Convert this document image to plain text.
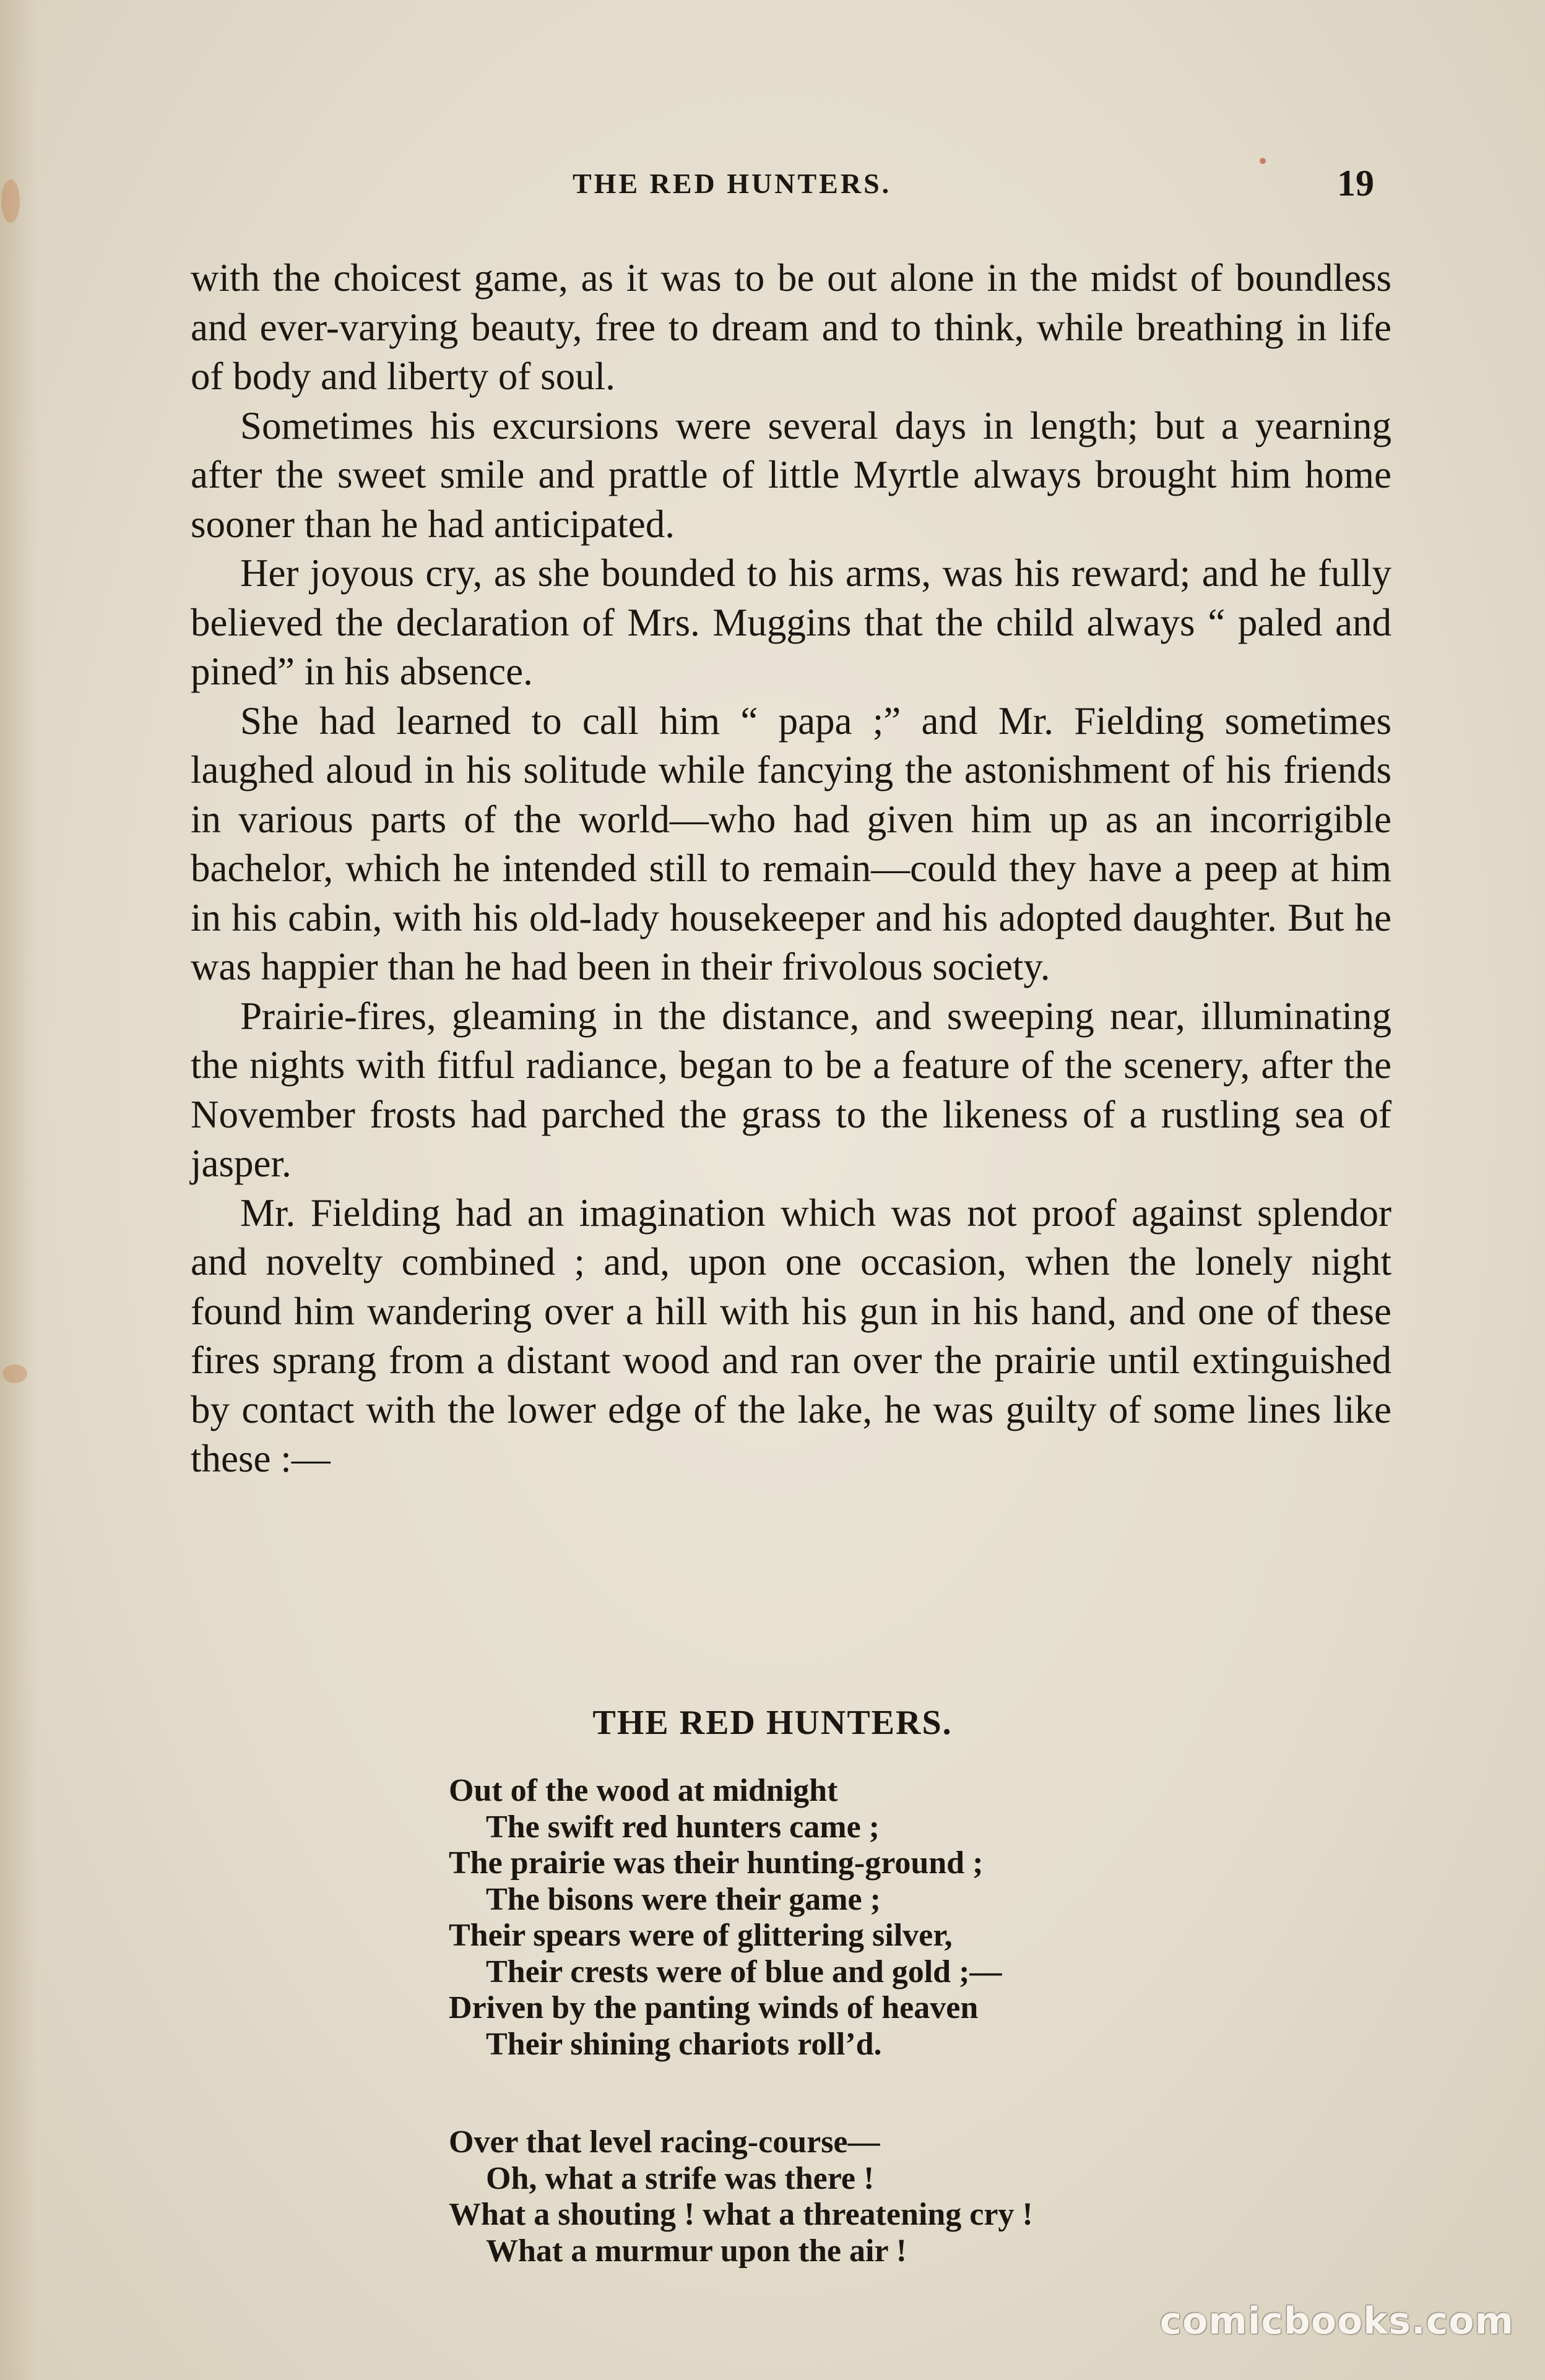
THE RED HUNTERS.	19

with the choicest game, as it was to be out alone in the midst of boundless and ever-varying beauty, free to dream and to think, while breathing in life of body and liberty of soul.

Sometimes his excursions were several days in length; but a yearning after the sweet smile and prattle of little Myrtle always brought him home sooner than he had anticipated.

Her joyous cry, as she bounded to his arms, was his reward; and he fully believed the declaration of Mrs. Muggins that the child always “ paled and pined” in his absence.

She had learned to call him “ papa ;” and Mr. Fielding sometimes laughed aloud in his solitude while fancying the astonishment of his friends in various parts of the world—who had given him up as an incorrigible bachelor, which he intended still to remain—could they have a peep at him in his cabin, with his old-lady housekeeper and his adopted daughter. But he was happier than he had been in their frivolous society.

Prairie-fires, gleaming in the distance, and sweeping near, illuminating the nights with fitful radiance, began to be a feature of the scenery, after the November frosts had parched the grass to the likeness of a rustling sea of jasper.

Mr. Fielding had an imagination which was not proof against splendor and novelty combined ; and, upon one occasion, when the lonely night found him wandering over a hill with his gun in his hand, and one of these fires sprang from a distant wood and ran over the prairie until extinguished by contact with the lower edge of the lake, he was guilty of some lines like these :—

THE RED HUNTERS.
Out of the wood at midnight
The swift red hunters came ;
The prairie was their hunting-ground ;
The bisons were their game ;
Their spears were of glittering silver,
Their crests were of blue and gold ;—
Driven by the panting winds of heaven
Their shining chariots roll’d.
Over that level racing-course—
Oh, what a strife was there !
What a shouting ! what a threatening cry !
What a murmur upon the air !
comicbooks.com
